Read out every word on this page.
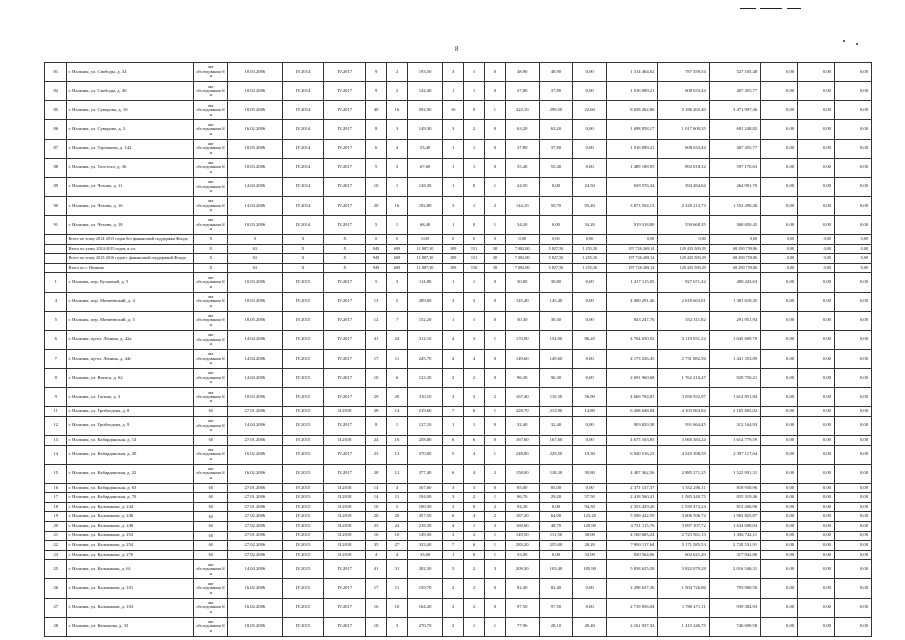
8
81	г. Нальчик, ул. Свободы, д. 34	акт обследования б/н	10.03.2006	IV.2014	IV.2017	9	2	193,50	3	1	0	48,90	48,90	0,00	1 314 464,62	787 359,54	527 105,48	0,00	0,00	0,00
82	г. Нальчик, ул. Свободы, д. 40	акт обследования б/н	10.03.2006	IV.2014	IV.2017	9	2	142,40	1	1	0	37,80	37,80	0,00	1 016 089,21	608 633,44	407 455,77	0,00	0,00	0,00
85	г. Нальчик, ул. Суворова, д. 10	акт обследования б/н	18.05.2006	IV.2014	IV.2017	40	16	592,90	16	9	1	322,10	299,50	22,60	8 658 262,86	5 186 265,40	3 471 997,46	0,00	0,00	0,00
86	г. Нальчик, ул. Суворова, д. 2	акт обследования б/н	16.02.2006	IV.2014	IV.2017	8	3	149,30	3	2	0	63,20	63,20	0,00	1 698 858,17	1 017 609,35	681 248,82	0,00	0,00	0,00
87	г. Нальчик, ул. Тарчокова, д. 142	акт обследования б/н	18.05.2006	IV.2014	IV.2017	6	4	53,40	1	1	0	37,80	37,80	0,00	1 016 089,21	608 633,44	407 455,77	0,00	0,00	0,00
88	г. Нальчик, ул. Толстого, д. 36	акт обследования б/н	10.03.2006	IV.2014	IV.2017	5	3	67,60	1	1	0	55,40	55,40	0,00	1 489 188,95	892 018,32	597 170,63	0,00	0,00	0,00
89	г. Нальчик, ул. Чехова, д. 11	акт обследования б/н	14.04.2006	IV.2014	IV.2017	10	1	128,30	1	0	1	24,50	0,00	24,50	658 576,34	394 484,64	264 091,70	0,00	0,00	0,00
90	г. Нальчик, ул. Чехова, д. 16	акт обследования б/н	14.04.2006	IV.2014	IV.2017	20	16	182,80	3	1	2	144,10	50,70	93,40	3 873 504,13	2 320 213,73	1 553 290,40	0,00	0,00	0,00
91	г. Нальчик, ул. Чехова, д. 18	акт обследования б/н	10.03.2006	IV.2014	IV.2017	5	1	68,40	1	0	1	34,20	0,00	34,20	919 318,80	550 668,35	368 650,45	0,00	0,00	0,00
	Всего по этапу 2014-2015 годов без финансовой поддержки Фонда	X	0	X	X	0	0	0,00	0	0	0	0,00	0,00	0,00	0,00	0,00	0,00	0,00	0,00	0,00
	Итого по этапу 2014-2015 годов, в т.ч.	X	63	X	X	949	609	11 887,30	189	151	38	7 082,80	5 827,50	1 255,30	197 726 269,14	129 435 509,29	68 290 759,86	0,00	0,00	0,00
	Всего по этапу 2015-2016 годов с финансовой поддержкой Фонда	X	63	X	X	949	609	11 887,30	189	151	38	7 082,80	5 827,50	1 255,30	197 726 269,14	129 435 509,29	68 290 759,86	0,00	0,00	0,00
	Итого по г. Нальчик	X	63	X	X	949	609	11 887,30	189	150	38	7 082,80	5 827,50	1 255,30	197 726 269,14	129 435 509,29	68 290 759,86	0,00	0,00	0,00
1	г. Нальчик, пер. Кусковый, д. 5	акт обследования б/н	10.03.2006	IV.2015	IV.2017	5	3	114,80	1	1	0	30,80	30,80	0,00	1 417 115,05	927 671,42	489 443,63	0,00	0,00	0,00
4	г. Нальчик, пер. Матвеевский, д. 4	акт обследования б/н	10.03.2006	IV.2015	IV.2017	13	5	289,00	3	3	0	145,40	145,40	0,00	4 000 291,46	2 618 663,01	1 381 618,45	0,00	0,00	0,00
5	г. Нальчик, пер. Матвеевский, д. 5	акт обследования б/н	18.05.2006	IV.2015	IV.2017	12	7	152,20	1	1	0	30,30	30,30	0,00	843 247,76	552 311,82	291 951,94	0,00	0,00	0,00
6	г. Нальчик, пр-кт. Ленина, д. 42а	акт обследования б/н	14.04.2006	IV.2015	IV.2017	41	24	312,10	4	3	1	170,00	154,00	86,20	4 764 650,92	3 119 031,22	1 645 609,70	0,00	0,00	0,00
7	г. Нальчик, пр-кт. Ленина, д. 44г	акт обследования б/н	14.04.2006	IV.2015	IV.2017	17	11	245,70	4	4	0	149,60	149,60	0,00	4 173 236,45	2 731 882,56	1 441 353,89	0,00	0,00	0,00
8	г. Нальчик, ул. Ватиса, д. 62	акт обследования б/н	14.04.2006	IV.2015	IV.2017	10	6	123,30	2	2	0	96,30	96,30	0,00	2 691 960,68	1 762 210,47	929 750,21	0,00	0,00	0,00
9	г. Нальчик, ул. Гагина, д. 3	акт обследования б/н	10.03.2006	IV.2015	IV.2017	29	20	310,10	3	3	2	167,40	110,50	56,90	4 669 784,81	3 056 932,97	1 612 851,84	0,00	0,00	0,00
11	г. Нальчик, ул. Грибоедова, д. 8	60	27.01.2006	IV.2015	II.2018	28	14	219,60	7	6	1	228,70	213,90	14,80	6 268 648,84	4 103 063,82	2 165 605,02	0,00	0,00	0,00
12	г. Нальчик, ул. Грибоедова, д. 9	акт обследования б/н	14.04.2006	IV.2015	IV.2017	8	1	127,10	1	1	0	32,40	32,40	0,00	903 829,38	591 664,45	312 164,93	0,00	0,00	0,00
13	г. Нальчик, ул. Кабардинская, д. 14	60	27.01.2006	IV.2015	II.2018	24	16	258,80	6	6	0	167,60	167,60	0,00	4 675 163,83	3 060 383,24	1 614 779,59	0,00	0,00	0,00
14	г. Нальчик, ул. Кабардинская, д. 20	акт обследования б/н	16.02.2006	IV.2015	IV.2017	23	13	370,00	5	4	1	248,80	229,50	19,30	6 940 516,23	4 543 398,59	2 397 117,64	0,00	0,00	0,00
15	г. Нальчик, ул. Кабардинская, д. 22	акт обследования б/н	16.02.2006	IV.2015	IV.2017	28	12	377,40	6	4	2	158,00	118,20	39,80	4 407 362,56	2 885 271,25	1 522 091,31	0,00	0,00	0,00
16	г. Нальчик, ул. Кабардинская, д. 63	60	27.01.2006	IV.2015	II.2018	14	4	167,60	3	3	0	85,00	85,00	0,00	2 371 137,37	1 552 206,11	818 930,96	0,00	0,00	0,00
17	г. Нальчик, ул. Кабардинская, д. 70	60	27.01.2006	IV.2015	II.2018	14	11	194,00	3	2	1	86,70	29,20	57,50	2 418 560,21	1 583 240,75	835 319,46	0,00	0,00	0,00
18	г. Нальчик, ул. Калмыкова, д. 244	60	27.01.2006	IV.2015	II.2018	10	5	100,30	2	0	2	94,30	0,00	94,30	2 353 429,20	1 539 472,24	812 206,96	0,00	0,00	0,00
19	г. Нальчик, ул. Калмыкова, д. 246	60	27.02.2006	IV.2015	II.2018	20	20	357,50	6	4	2	187,20	64,00	123,20	5 509 422,59	3 606 596,72	1 902 825,87	0,00	0,00	0,00
20	г. Нальчик, ул. Калмыкова, д. 248	60	27.02.2006	IV.2015	II.2018	25	24	218,30	4	1	3	169,60	48,70	120,90	4 731 115,76	3 097 107,72	1 634 008,04	0,00	0,00	0,00
21	г. Нальчик, ул. Калмыкова, д. 252	60	27.01.2006	IV.2015	II.2018	16	10	149,30	3	2	1	149,50	111,50	38,00	4 160 605,24	2 723 561,13	1 436 744,11	0,00	0,00	0,00
22	г. Нальчик, ул. Калмыкова, д. 254	60	27.02.2006	IV.2015	II.2018	35	27	333,40	7	6	1	283,20	255,00	28,20	7 900 117,64	5 171 585,53	2 728 531,91	0,00	0,00	0,00
23	г. Нальчик, ул. Калмыкова, д. 276	60	27.02.2006	IV.2015	II.2018	4	4	33,00	1	0	1	33,00	0,00	33,00	920 564,06	602 621,20	317 942,86	0,00	0,00	0,00
25	г. Нальчик, ул. Калмыкова, д. 61	акт обследования б/н	14.04.2006	IV.2015	IV.2017	41	31	282,30	5	2	3	209,30	103,40	105,90	5 838 625,58	3 822 079,28	2 016 546,31	0,00	0,00	0,00
26	г. Нальчик, ул. Калмыкова, д. 101	акт обследования б/н	16.02.2006	IV.2015	IV.2017	17	11	159,70	2	2	0	82,40	82,40	0,00	2 298 637,36	1 504 726,86	793 900,50	0,00	0,00	0,00
27	г. Нальчик, ул. Калмыкова, д. 103	акт обследования б/н	16.02.2006	IV.2015	IV.2017	16	10	164,20	2	2	0	97,50	97,50	0,00	2 719 856,04	1 780 471,11	939 384,93	0,00	0,00	0,00
28	г. Нальчик, ул. Кешокова, д. 33	акт обследования б/н	18.05.2006	IV.2015	IV.2017	18	3	270,70	2	1	1	77,96	28,10	49,40	2 161 937,33	1 415 246,75	746 690,58	0,00	0,00	0,00
